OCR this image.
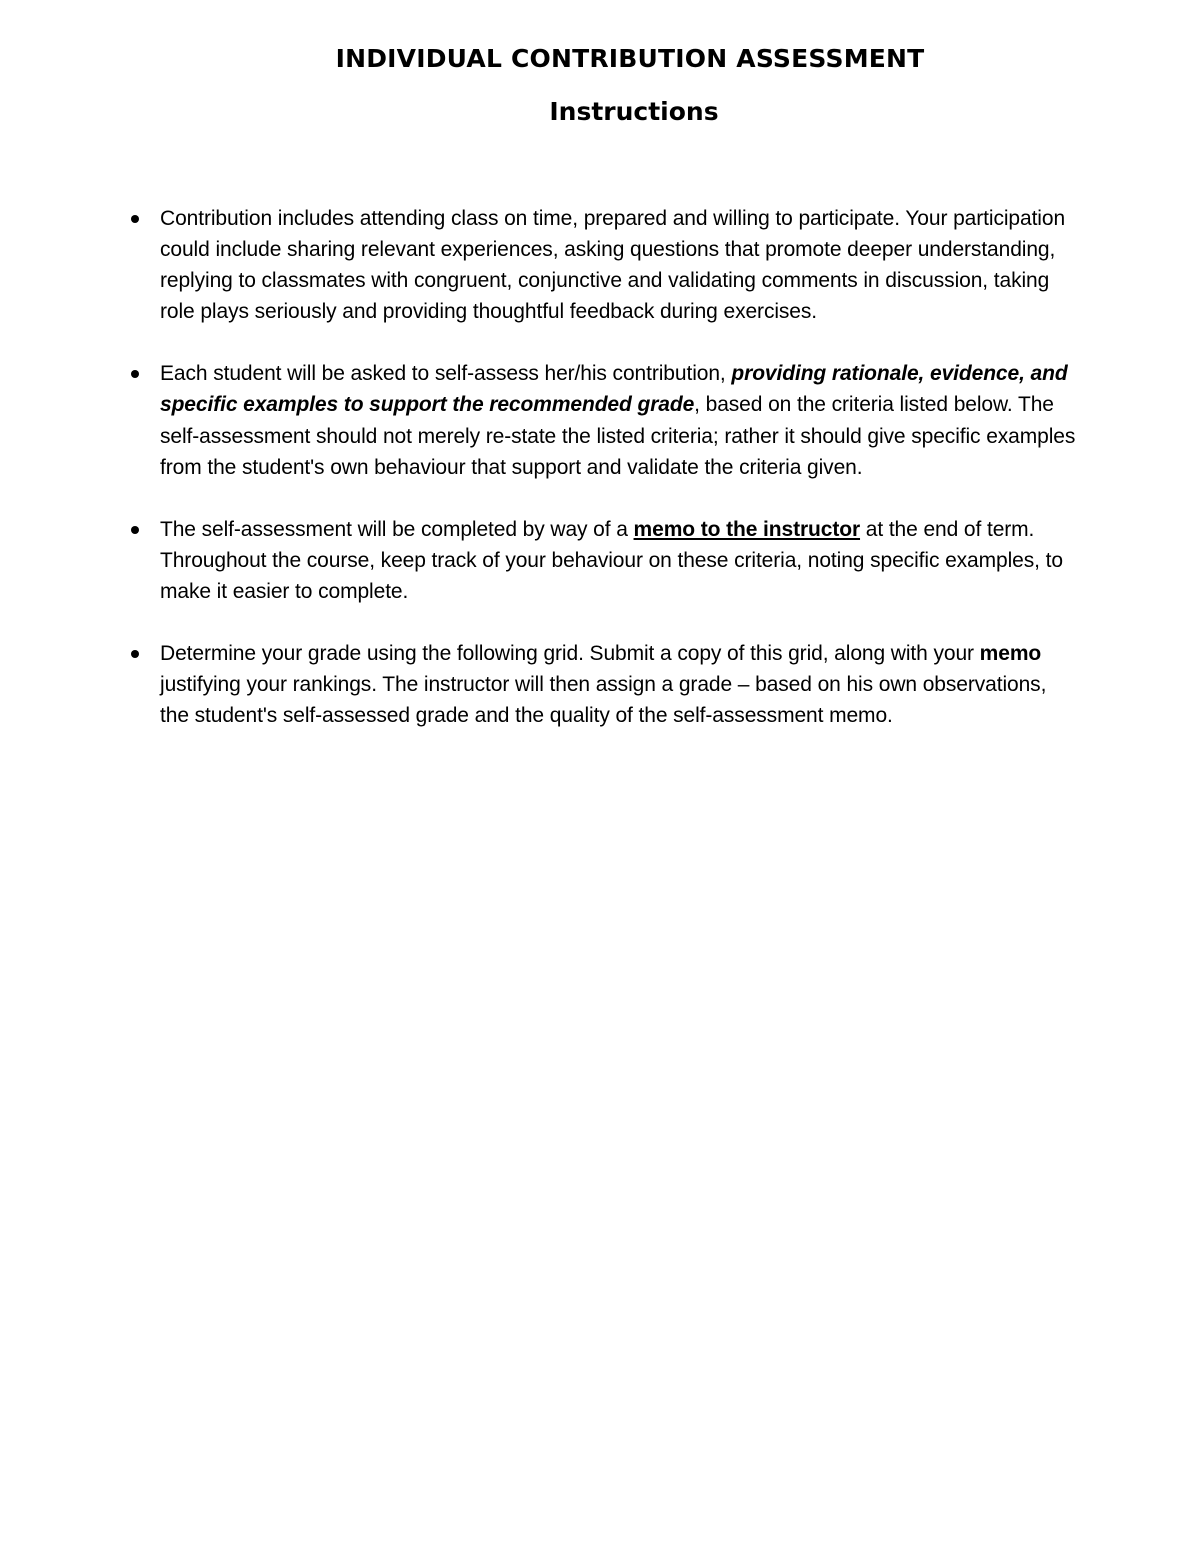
INDIVIDUAL CONTRIBUTION ASSESSMENT
Instructions
Contribution includes attending class on time, prepared and willing to participate. Your participation could include sharing relevant experiences, asking questions that promote deeper understanding, replying to classmates with congruent, conjunctive and validating comments in discussion, taking role plays seriously and providing thoughtful feedback during exercises.
Each student will be asked to self-assess her/his contribution, providing rationale, evidence, and specific examples to support the recommended grade, based on the criteria listed below. The self-assessment should not merely re-state the listed criteria; rather it should give specific examples from the student's own behaviour that support and validate the criteria given.
The self-assessment will be completed by way of a memo to the instructor at the end of term. Throughout the course, keep track of your behaviour on these criteria, noting specific examples, to make it easier to complete.
Determine your grade using the following grid. Submit a copy of this grid, along with your memo justifying your rankings. The instructor will then assign a grade – based on his own observations, the student's self-assessed grade and the quality of the self-assessment memo.
